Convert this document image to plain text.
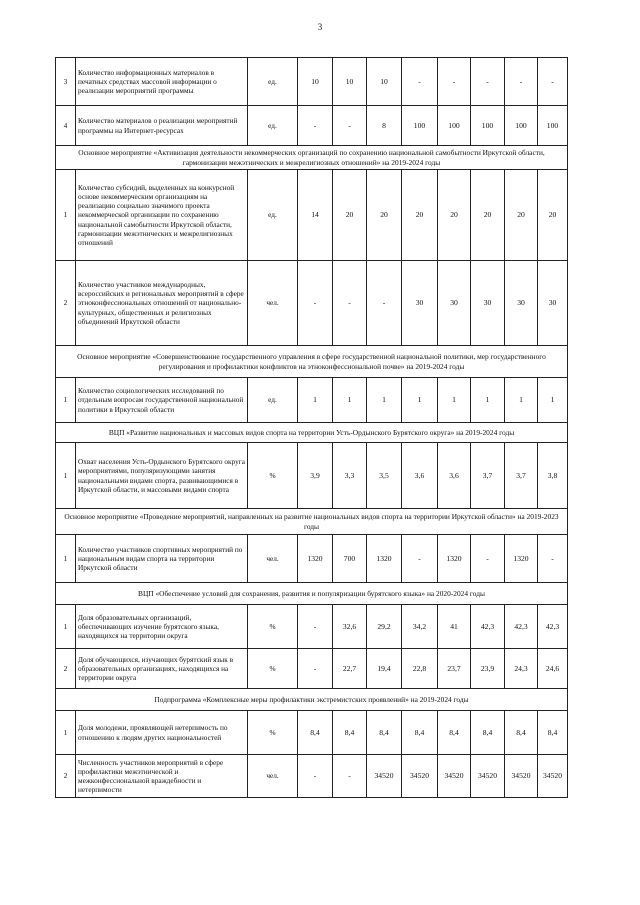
3
3	Количество информационных материалов в печатных средствах массовой информации о реализации мероприятий программы	ед.	10	10	10	-	-	-	-	-
4	Количество материалов о реализации мероприятий программы на Интернет-ресурсах	ед.	-	-	8	100	100	100	100	100
Основное мероприятие «Активизация деятельности некоммерческих организаций по сохранению национальной самобытности Иркутской области, гармонизации межэтнических и межрелигиозных отношений» на 2019-2024 годы										
1	Количество субсидий, выделенных на конкурсной основе некоммерческим организациям на реализацию социально значимого проекта некоммерческой организации по сохранению национальной самобытности Иркутской области, гармонизации межэтнических и межрелигиозных отношений	ед.	14	20	20	20	20	20	20	20
2	Количество участников международных, всероссийских и региональных мероприятий в сфере этноконфессиональных отношений от национально-культурных, общественных и религиозных объединений Иркутской области	чел.	-	-	-	30	30	30	30	30
Основное мероприятие «Совершенствование государственного управления в сфере государственной национальной политики, мер государственного регулирования и профилактики конфликтов на этноконфессиональной почве» на 2019-2024 годы										
1	Количество социологических исследований по отдельным вопросам государственной национальной политики в Иркутской области	ед.	1	1	1	1	1	1	1	1
ВЦП «Развитие национальных и массовых видов спорта на территории Усть-Ордынского Бурятского округа» на 2019-2024 годы										
1	Охват населения Усть-Ордынского Бурятского округа мероприятиями, популяризующими занятия национальными видами спорта, развивающимися в Иркутской области, и массовыми видами спорта	%	3,9	3,3	3,5	3,6	3,6	3,7	3,7	3,8
Основное мероприятие «Проведение мероприятий, направленных на развитие национальных видов спорта на территории Иркутской области» на 2019-2023 годы										
1	Количество участников спортивных мероприятий по национальным видам спорта на территории Иркутской области	чел.	1320	700	1320	-	1320	-	1320	-
ВЦП «Обеспечение условий для сохранения, развития и популяризации бурятского языка» на 2020-2024 годы										
1	Доля образовательных организаций, обеспечивающих изучение бурятского языка, находящихся на территории округа	%	-	32,6	29,2	34,2	41	42,3	42,3	42,3
2	Доля обучающихся, изучающих бурятский язык в образовательных организациях, находящихся на территории округа	%	-	22,7	19,4	22,8	23,7	23,9	24,3	24,6
Подпрограмма «Комплексные меры профилактики экстремистских проявлений» на 2019-2024 годы										
1	Доля молодежи, проявляющей нетерпимость по отношению к людям других национальностей	%	8,4	8,4	8,4	8,4	8,4	8,4	8,4	8,4
2	Численность участников мероприятий в сфере профилактики межэтнической и межконфессиональной враждебности и нетерпимости	чел.	-	-	34520	34520	34520	34520	34520	34520
